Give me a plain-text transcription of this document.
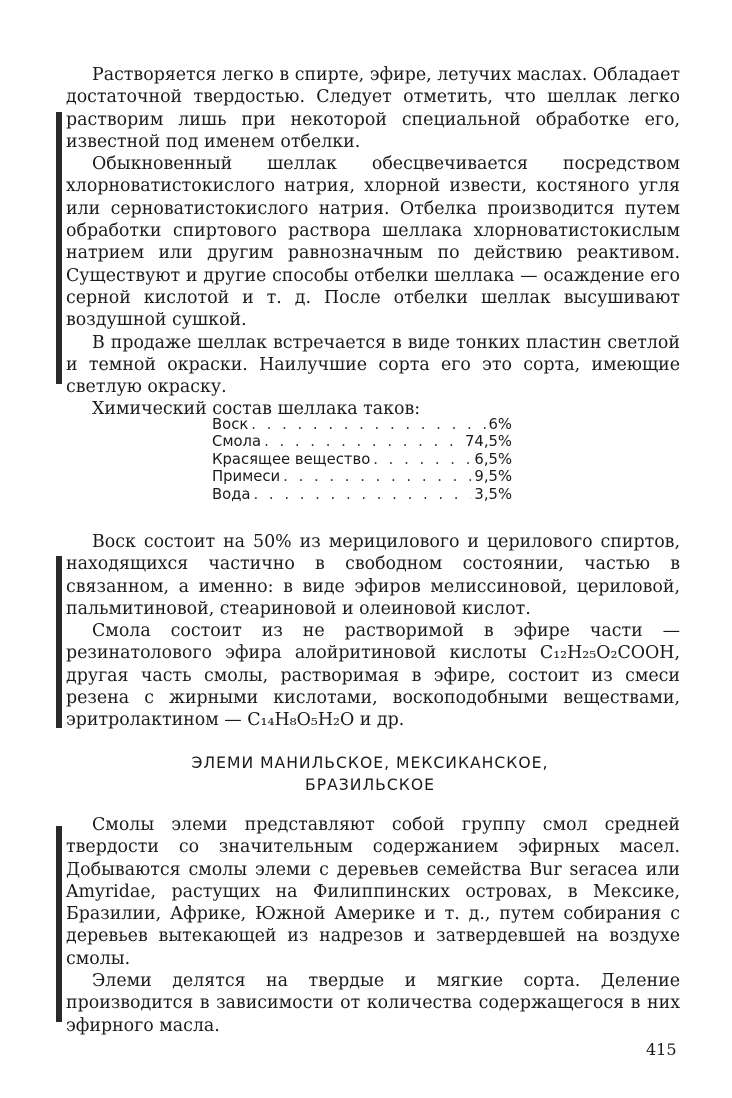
Растворяется легко в спирте, эфире, летучих маслах. Обладает достаточной твердостью. Следует отметить, что шеллак легко растворим лишь при некоторой специальной обработке его, известной под именем отбелки.

Обыкновенный шеллак обесцвечивается посредством хлорноватистокислого натрия, хлорной извести, костяного угля или серноватистокислого натрия. Отбелка производится путем обработки спиртового раствора шеллака хлорноватистокислым натрием или другим равнозначным по действию реактивом. Существуют и другие способы отбелки шеллака — осаждение его серной кислотой и т. д. После отбелки шеллак высушивают воздушной сушкой.

В продаже шеллак встречается в виде тонких пластин светлой и темной окраски. Наилучшие сорта его это сорта, имеющие светлую окраску.

Химический состав шеллака таков:

Воск . . .	6%
Смола . . .	74,5%
Красящее вещество . . .	6,5%
Примеси . . .	9,5%
Вода . . .	3,5%

Воск состоит на 50% из мерицилового и церилового спиртов, находящихся частично в свободном состоянии, частью в связанном, а именно: в виде эфиров мелиссиновой, цериловой, пальмитиновой, стеариновой и олеиновой кислот.

Смола состоит из не растворимой в эфире части — резинатолового эфира алойритиновой кислоты C₁₂H₂₅O₂COOH, другая часть смолы, растворимая в эфире, состоит из смеси резена с жирными кислотами, воскоподобными веществами, эритролактином — C₁₄H₈O₅H₂O и др.

ЭЛЕМИ МАНИЛЬСКОЕ, МЕКСИКАНСКОЕ,
БРАЗИЛЬСКОЕ

Смолы элеми представляют собой группу смол средней твердости со значительным содержанием эфирных масел. Добываются смолы элеми с деревьев семейства Bur seracea или Amyridae, растущих на Филиппинских островах, в Мексике, Бразилии, Африке, Южной Америке и т. д., путем собирания с деревьев вытекающей из надрезов и затвердевшей на воздухе смолы.

Элеми делятся на твердые и мягкие сорта. Деление производится в зависимости от количества содержащегося в них эфирного масла.

415
